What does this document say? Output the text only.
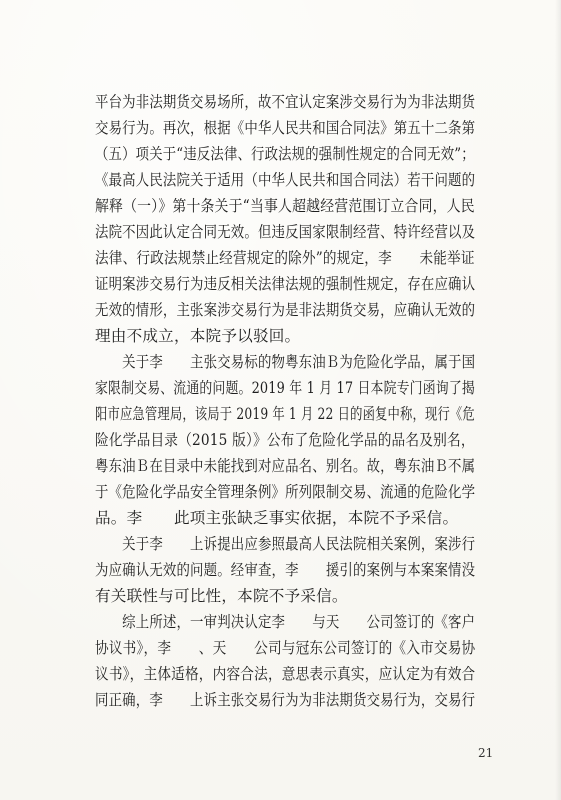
平台为非法期货交易场所，故不宜认定案涉交易行为为非法期货
交易行为。再次，根据《中华人民共和国合同法》第五十二条第
（五）项关于“违反法律、行政法规的强制性规定的合同无效”；
《最高人民法院关于适用（中华人民共和国合同法）若干问题的
解释（一）》第十条关于“当事人超越经营范围订立合同，人民
法院不因此认定合同无效。但违反国家限制经营、特许经营以及
法律、行政法规禁止经营规定的除外”的规定，李　　未能举证
证明案涉交易行为违反相关法律法规的强制性规定，存在应确认
无效的情形，主张案涉交易行为是非法期货交易，应确认无效的
理由不成立，本院予以驳回。
　　关于李　　主张交易标的物粤东油Ｂ为危险化学品，属于国
家限制交易、流通的问题。2019 年 1 月 17 日本院专门函询了揭
阳市应急管理局，该局于 2019 年 1 月 22 日的函复中称，现行《危
险化学品目录（2015 版）》公布了危险化学品的品名及别名，
粤东油Ｂ在目录中未能找到对应品名、别名。故，粤东油Ｂ不属
于《危险化学品安全管理条例》所列限制交易、流通的危险化学
品。李　　此项主张缺乏事实依据，本院不予采信。
　　关于李　　上诉提出应参照最高人民法院相关案例，案涉行
为应确认无效的问题。经审查，李　　援引的案例与本案案情没
有关联性与可比性，本院不予采信。
　　综上所述，一审判决认定李　　与天　　公司签订的《客户
协议书》，李　　、天　　公司与冠东公司签订的《入市交易协
议书》，主体适格，内容合法，意思表示真实，应认定为有效合
同正确，李　　上诉主张交易行为为非法期货交易行为，交易行
21
